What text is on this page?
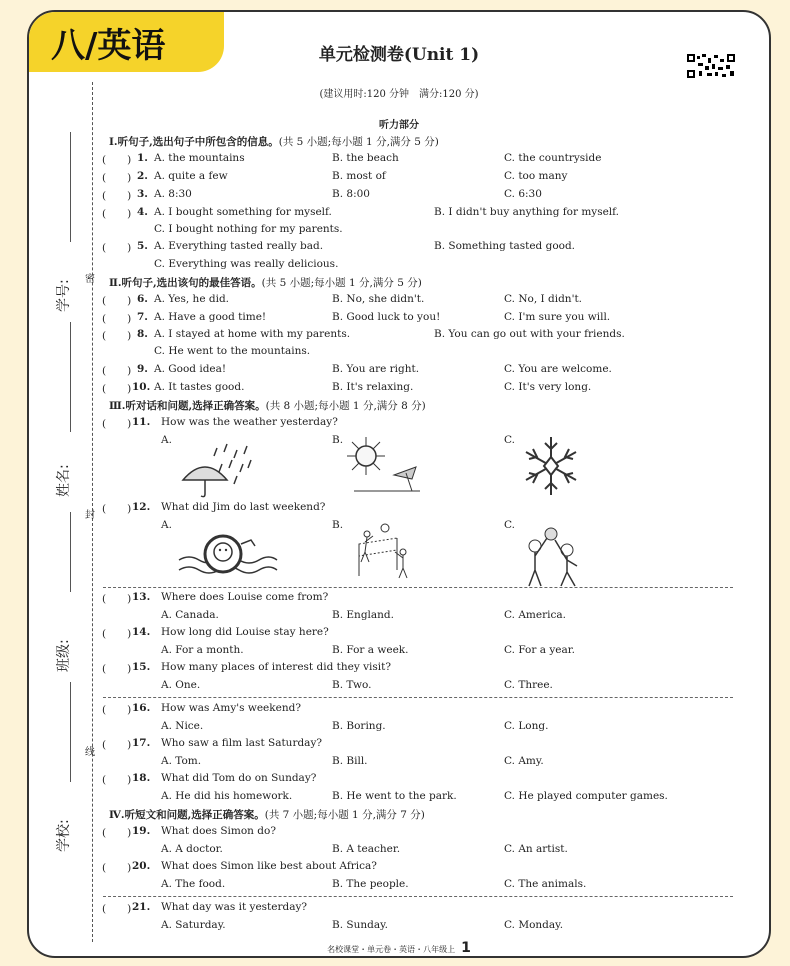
八/英语	单元检测卷(Unit 1)
(建议用时:120 分钟　满分:120 分)
听力部分
学号:
姓名:
班级:
学校:
密
封
线
Ⅰ.听句子,选出句子中所包含的信息。(共 5 小题;每小题 1 分,满分 5 分)
(　　) 1. A. the mountains	B. the beach	C. the countryside
(　　) 2. A. quite a few	B. most of	C. too many
(　　) 3. A. 8:30	B. 8:00	C. 6:30
(　　) 4. A. I bought something for myself.	B. I didn't buy anything for myself.
C. I bought nothing for my parents.
(　　) 5. A. Everything tasted really bad.	B. Something tasted good.
C. Everything was really delicious.
Ⅱ.听句子,选出该句的最佳答语。(共 5 小题;每小题 1 分,满分 5 分)
(　　) 6. A. Yes, he did.	B. No, she didn't.	C. No, I didn't.
(　　) 7. A. Have a good time!	B. Good luck to you!	C. I'm sure you will.
(　　) 8. A. I stayed at home with my parents.	B. You can go out with your friends.
C. He went to the mountains.
(　　) 9. A. Good idea!	B. You are right.	C. You are welcome.
(　　) 10. A. It tastes good.	B. It's relaxing.	C. It's very long.
Ⅲ.听对话和问题,选择正确答案。(共 8 小题;每小题 1 分,满分 8 分)
(　　) 11. How was the weather yesterday?
A.	B.	C.
(　　) 12. What did Jim do last weekend?
A.	B.	C.
(　　) 13. Where does Louise come from?
A. Canada.	B. England.	C. America.
(　　) 14. How long did Louise stay here?
A. For a month.	B. For a week.	C. For a year.
(　　) 15. How many places of interest did they visit?
A. One.	B. Two.	C. Three.
(　　) 16. How was Amy's weekend?
A. Nice.	B. Boring.	C. Long.
(　　) 17. Who saw a film last Saturday?
A. Tom.	B. Bill.	C. Amy.
(　　) 18. What did Tom do on Sunday?
A. He did his homework.	B. He went to the park.	C. He played computer games.
Ⅳ.听短文和问题,选择正确答案。(共 7 小题;每小题 1 分,满分 7 分)
(　　) 19. What does Simon do?
A. A doctor.	B. A teacher.	C. An artist.
(　　) 20. What does Simon like best about Africa?
A. The food.	B. The people.	C. The animals.
(　　) 21. What day was it yesterday?
A. Saturday.	B. Sunday.	C. Monday.
名校课堂・单元卷・英语・八年级上 1
